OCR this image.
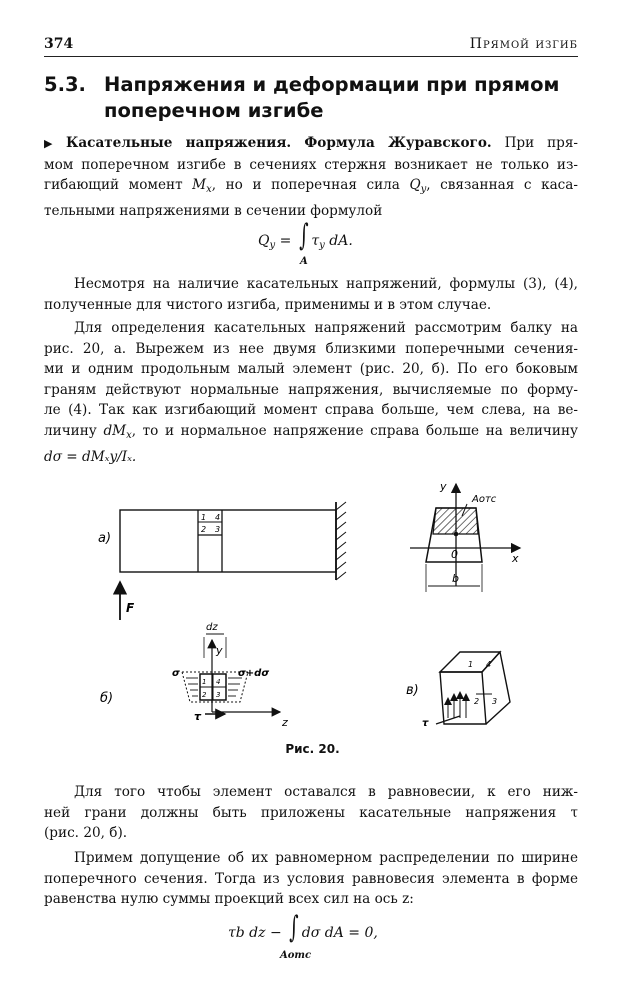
374	Прямой изгиб
5.3. Напряжения и деформации при прямом
поперечном изгибе
▶ Касательные напряжения. Формула Журавского. При пря-
мом поперечном изгибе в сечениях стержня возникает не только из-
гибающий момент $M_x$, но и поперечная сила $Q_y$, связанная с каса-
тельными напряжениями в сечении формулой
$Q_y$ = ∫ $\tau_y$ dA.
A
Несмотря на наличие касательных напряжений, формулы (3), (4),
полученные для чистого изгиба, применимы и в этом случае.
Для определения касательных напряжений рассмотрим балку на
рис. 20, а. Вырежем из нее двумя близкими поперечными сечения-
ми и одним продольным малый элемент (рис. 20, б). По его боковым
граням действуют нормальные напряжения, вычисляемые по форму-
ле (4). Так как изгибающий момент справа больше, чем слева, на ве-
личину $dM_x$, то и нормальное напряжение справа больше на величину
dσ = dMₓy/Iₓ.
1 4
2 3
а)
F
y
Aотс
x
0
b
dz
y
1 4
2 3
σ	σ+dσ
τ	z
б)
1 4
2 3
τ
в)
Рис. 20.
Для того чтобы элемент оставался в равновесии, к его ниж-
ней грани должны быть приложены касательные напряжения τ
(рис. 20, б).
Примем допущение об их равномерном распределении по ширине
поперечного сечения. Тогда из условия равновесия элемента в форме
равенства нулю суммы проекций всех сил на ось z:
τb dz − ∫ dσ dA = 0,
Aотс
